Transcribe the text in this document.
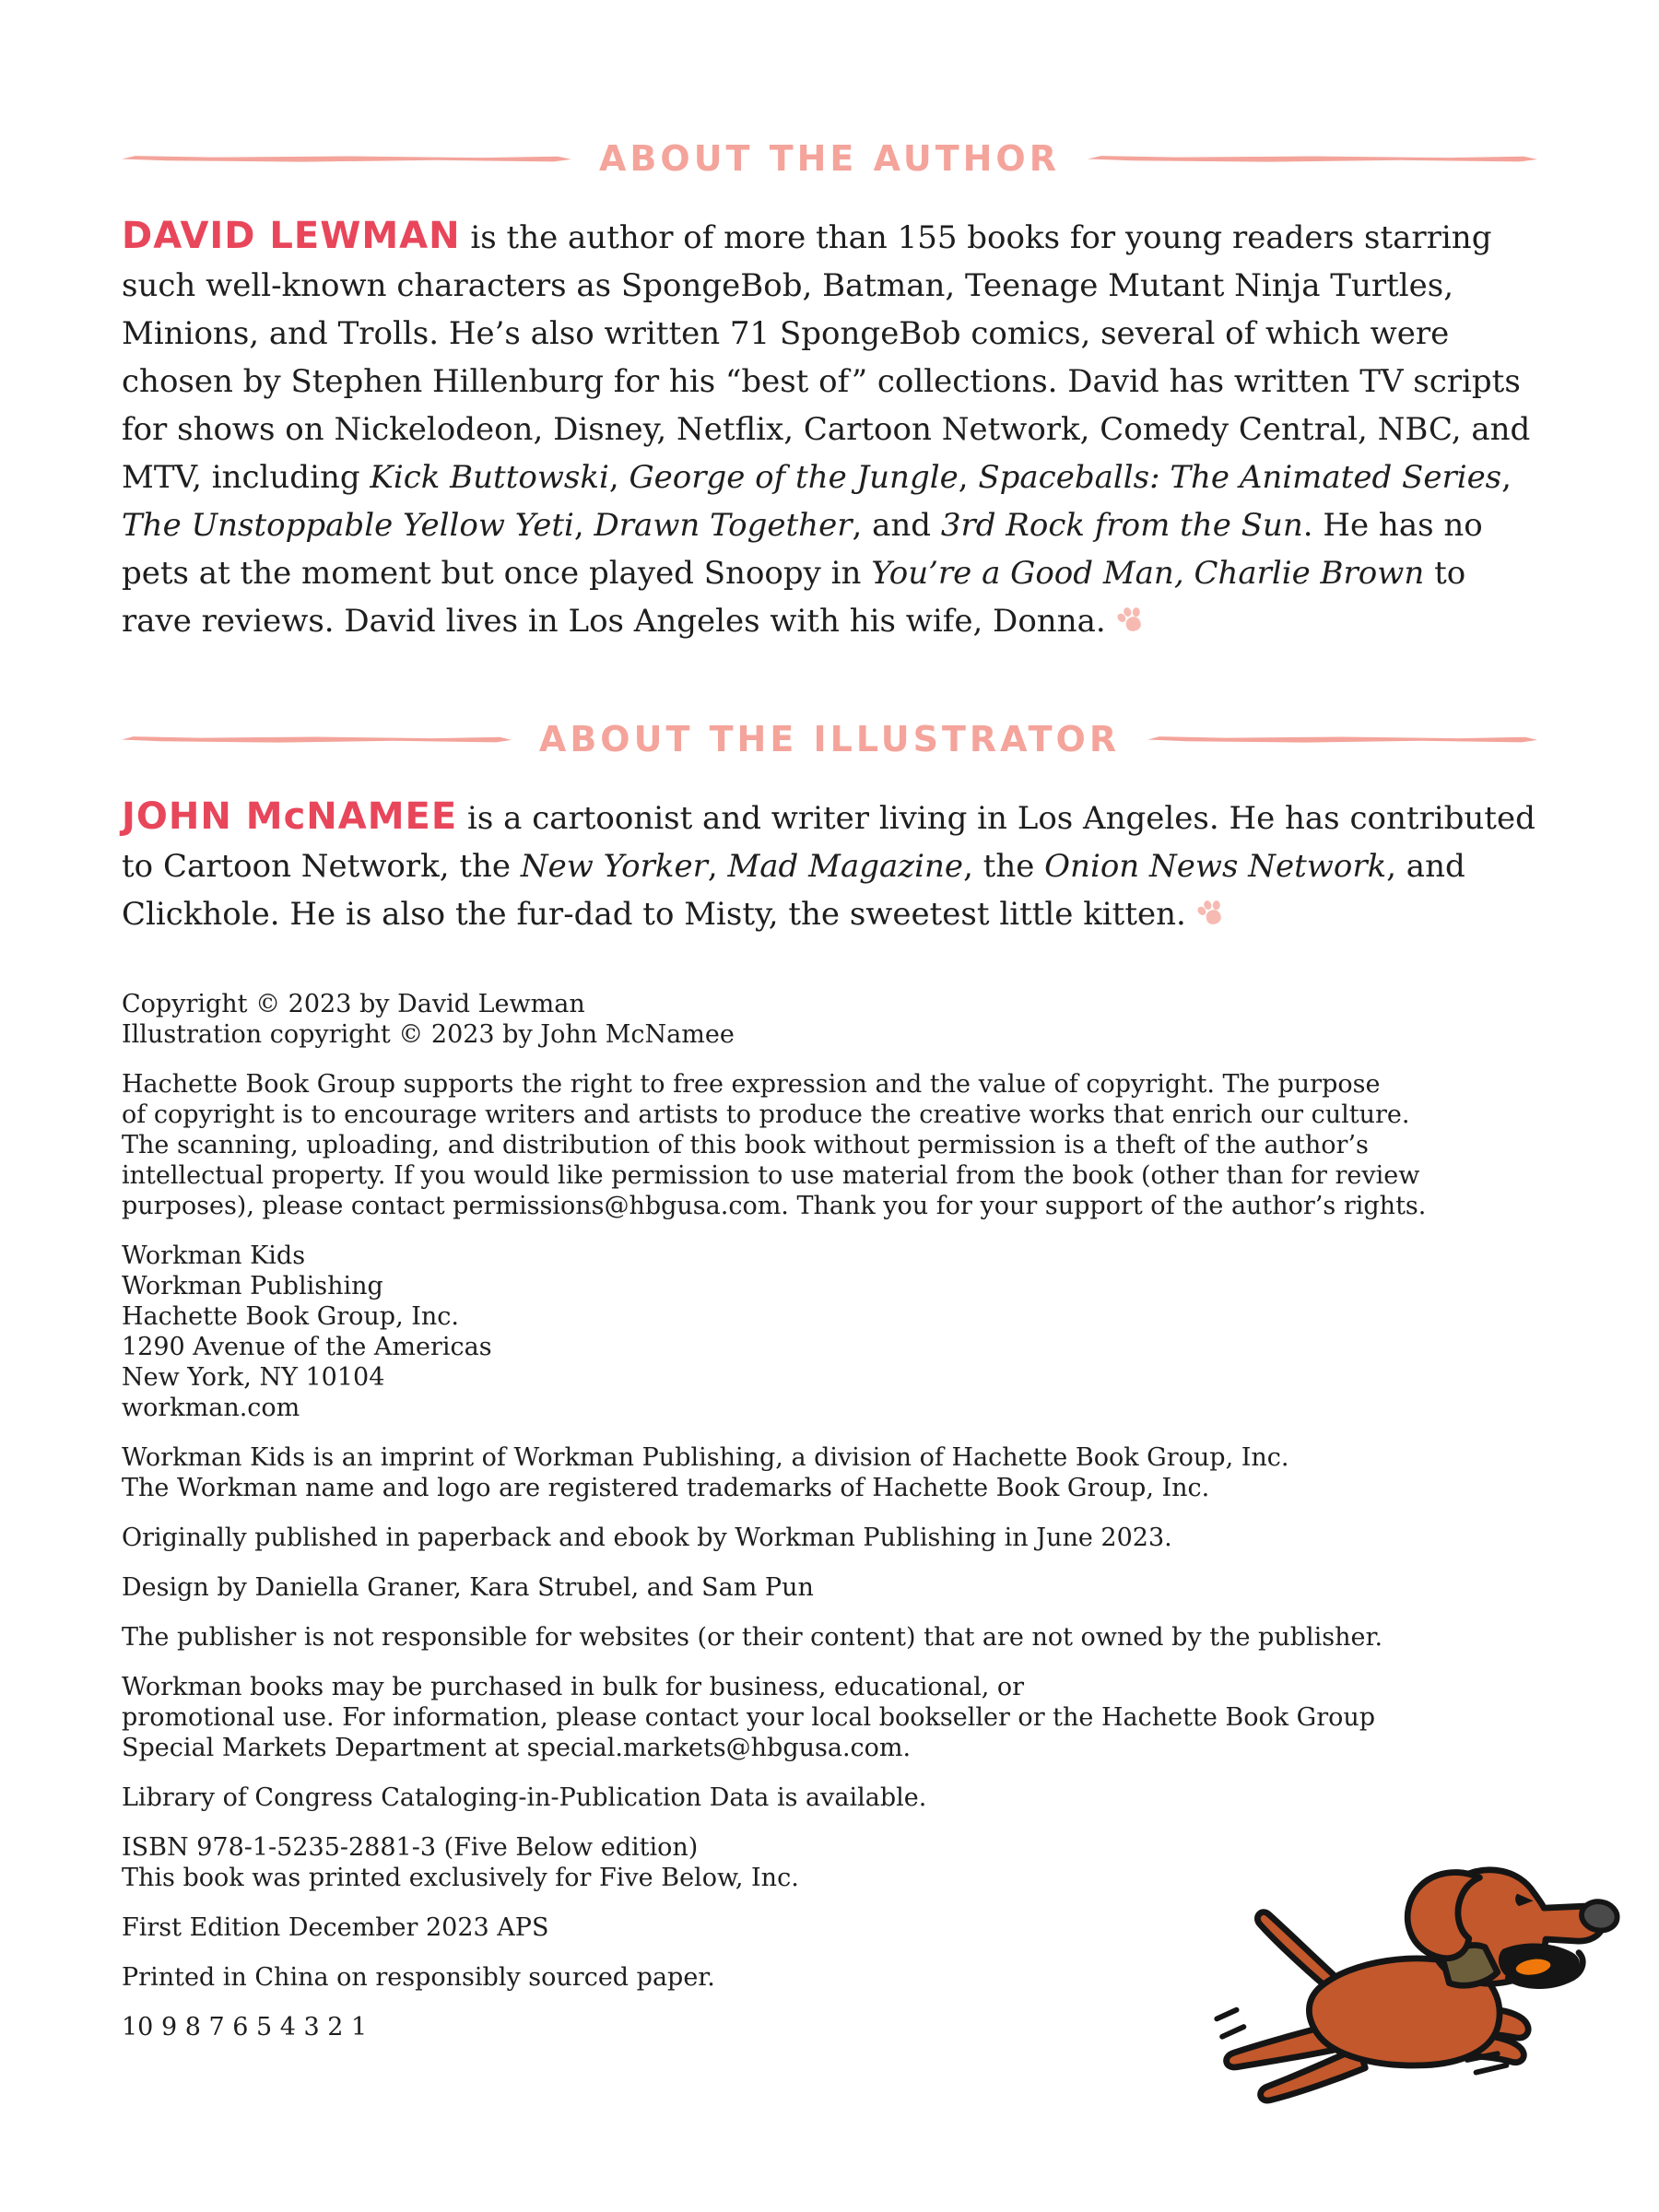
ABOUT THE AUTHOR

DAVID LEWMAN is the author of more than 155 books for young readers starring such well-known characters as SpongeBob, Batman, Teenage Mutant Ninja Turtles, Minions, and Trolls. He’s also written 71 SpongeBob comics, several of which were chosen by Stephen Hillenburg for his “best of” collections. David has written TV scripts for shows on Nickelodeon, Disney, Netflix, Cartoon Network, Comedy Central, NBC, and MTV, including Kick Buttowski, George of the Jungle, Spaceballs: The Animated Series, The Unstoppable Yellow Yeti, Drawn Together, and 3rd Rock from the Sun. He has no pets at the moment but once played Snoopy in You’re a Good Man, Charlie Brown to rave reviews. David lives in Los Angeles with his wife, Donna.

ABOUT THE ILLUSTRATOR

JOHN McNAMEE is a cartoonist and writer living in Los Angeles. He has contributed to Cartoon Network, the New Yorker, Mad Magazine, the Onion News Network, and Clickhole. He is also the fur-dad to Misty, the sweetest little kitten.

Copyright © 2023 by David Lewman
Illustration copyright © 2023 by John McNamee

Hachette Book Group supports the right to free expression and the value of copyright. The purpose
of copyright is to encourage writers and artists to produce the creative works that enrich our culture.
The scanning, uploading, and distribution of this book without permission is a theft of the author’s
intellectual property. If you would like permission to use material from the book (other than for review
purposes), please contact permissions@hbgusa.com. Thank you for your support of the author’s rights.

Workman Kids
Workman Publishing
Hachette Book Group, Inc.
1290 Avenue of the Americas
New York, NY 10104
workman.com

Workman Kids is an imprint of Workman Publishing, a division of Hachette Book Group, Inc.
The Workman name and logo are registered trademarks of Hachette Book Group, Inc.

Originally published in paperback and ebook by Workman Publishing in June 2023.

Design by Daniella Graner, Kara Strubel, and Sam Pun

The publisher is not responsible for websites (or their content) that are not owned by the publisher.

Workman books may be purchased in bulk for business, educational, or
promotional use. For information, please contact your local bookseller or the Hachette Book Group
Special Markets Department at special.markets@hbgusa.com.

Library of Congress Cataloging-in-Publication Data is available.

ISBN 978-1-5235-2881-3 (Five Below edition)
This book was printed exclusively for Five Below, Inc.

First Edition December 2023 APS

Printed in China on responsibly sourced paper.

10 9 8 7 6 5 4 3 2 1
